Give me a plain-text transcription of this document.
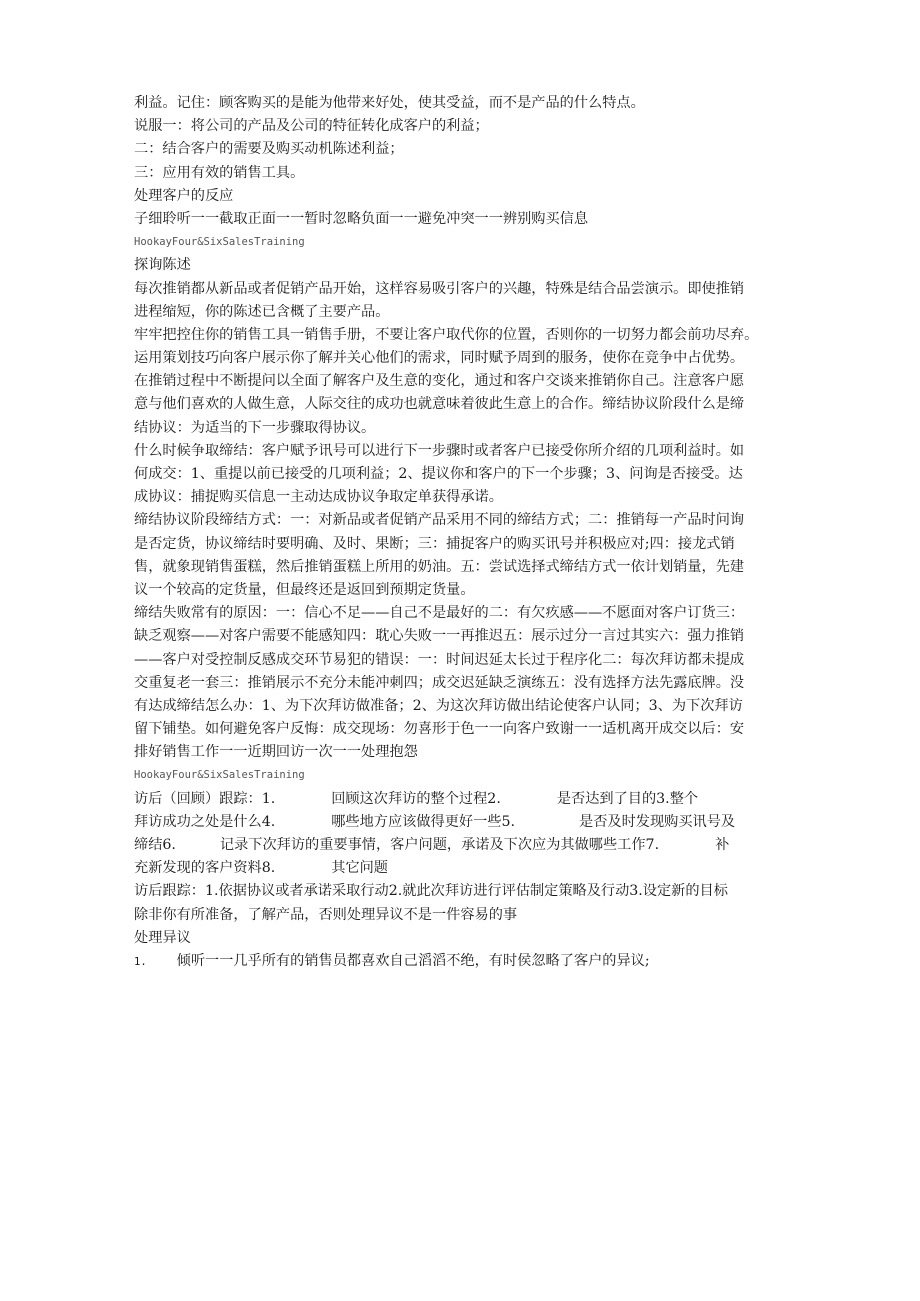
利益。记住：顾客购买的是能为他带来好处，使其受益，而不是产品的什么特点。
说服一：将公司的产品及公司的特征转化成客户的利益；
二：结合客户的需要及购买动机陈述利益；
三：应用有效的销售工具。
处理客户的反应
子细聆听一一截取正面一一暂时忽略负面一一避免冲突一一辨别购买信息
HookayFour&SixSalesTraining
探询陈述
每次推销都从新品或者促销产品开始，这样容易吸引客户的兴趣，特殊是结合品尝演示。即使推销
进程缩短，你的陈述已含概了主要产品。
牢牢把控住你的销售工具一销售手册，不要让客户取代你的位置，否则你的一切努力都会前功尽弃。
运用策划技巧向客户展示你了解并关心他们的需求，同时赋予周到的服务，使你在竞争中占优势。
在推销过程中不断提问以全面了解客户及生意的变化，通过和客户交谈来推销你自己。注意客户愿
意与他们喜欢的人做生意，人际交往的成功也就意味着彼此生意上的合作。缔结协议阶段什么是缔
结协议：为适当的下一步骤取得协议。
什么时候争取缔结：客户赋予讯号可以进行下一步骤时或者客户已接受你所介绍的几项利益时。如
何成交：1、重提以前已接受的几项利益；2、提议你和客户的下一个步骤；3、问询是否接受。达
成协议：捕捉购买信息一主动达成协议争取定单获得承诺。
缔结协议阶段缔结方式：一：对新品或者促销产品采用不同的缔结方式；二：推销每一产品时问询
是否定货，协议缔结时要明确、及时、果断；三：捕捉客户的购买讯号并积极应对;四：接龙式销
售，就象现销售蛋糕，然后推销蛋糕上所用的奶油。五：尝试选择式缔结方式一依计划销量，先建
议一个较高的定货量，但最终还是返回到预期定货量。
缔结失败常有的原因：一：信心不足——自己不是最好的二：有欠疚感——不愿面对客户订货三：
缺乏观察——对客户需要不能感知四：耽心失败一一再推迟五：展示过分一言过其实六：强力推销
——客户对受控制反感成交环节易犯的错误：一：时间迟延太长过于程序化二：每次拜访都未提成
交重复老一套三：推销展示不充分未能冲刺四；成交迟延缺乏演练五：没有选择方法先露底牌。没
有达成缔结怎么办：1、为下次拜访做准备；2、为这次拜访做出结论使客户认同；3、为下次拜访
留下铺垫。如何避免客户反悔：成交现场：勿喜形于色一一向客户致谢一一适机离开成交以后：安
排好销售工作一一近期回访一次一一处理抱怨
HookayFour&SixSalesTraining
访后（回顾）跟踪：1.	回顾这次拜访的整个过程2.	是否达到了目的3.整个
拜访成功之处是什么4.	哪些地方应该做得更好一些5.	是否及时发现购买讯号及
缔结6.	记录下次拜访的重要事情，客户问题，承诺及下次应为其做哪些工作7.	补
充新发现的客户资料8.	其它问题
访后跟踪：1.依据协议或者承诺采取行动2.就此次拜访进行评估制定策略及行动3.设定新的目标
除非你有所准备，了解产品，否则处理异议不是一件容易的事
处理异议
1. 倾听一一几乎所有的销售员都喜欢自己滔滔不绝，有时侯忽略了客户的异议;
